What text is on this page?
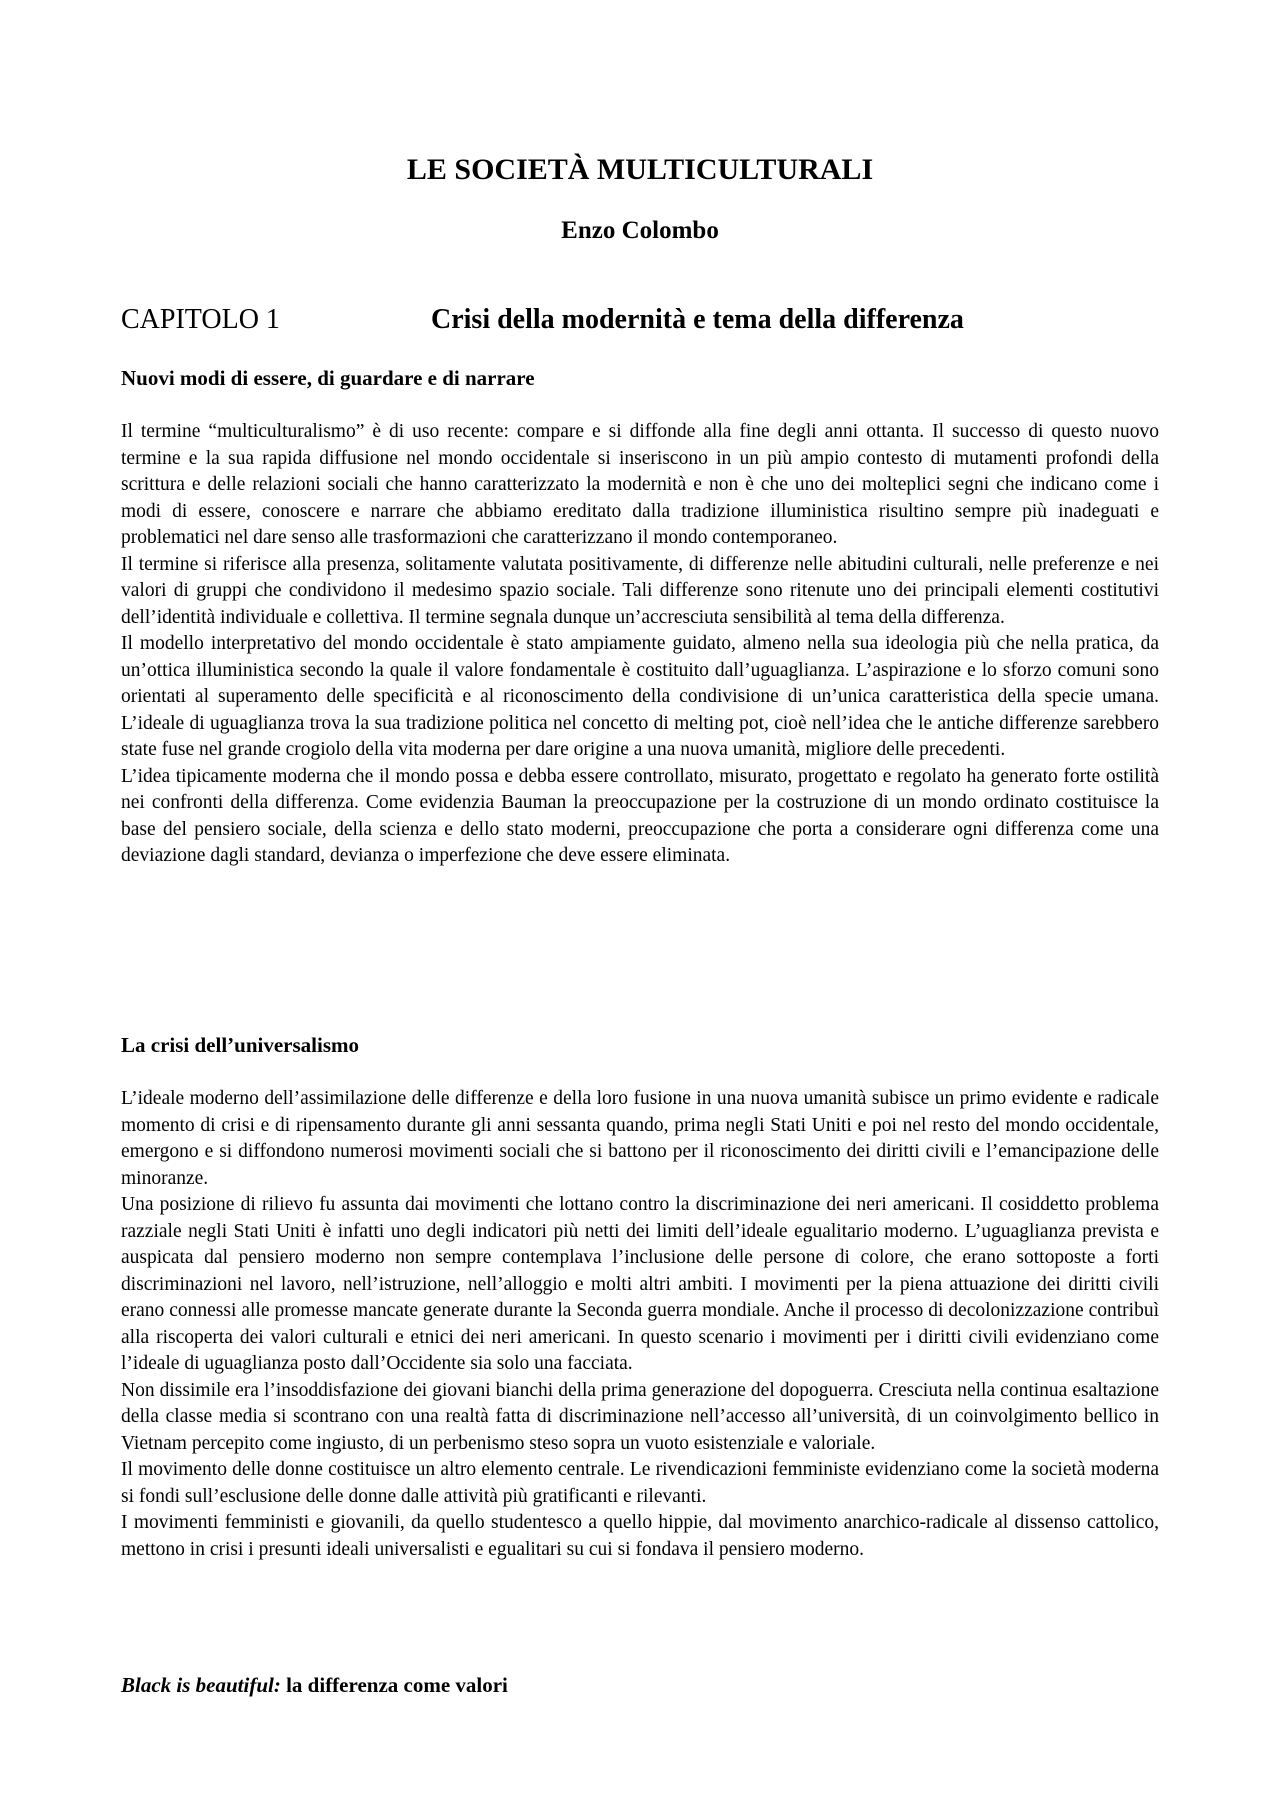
LE SOCIETÀ MULTICULTURALI
Enzo Colombo
CAPITOLO 1	Crisi della modernità e tema della differenza
Nuovi modi di essere, di guardare e di narrare

Il termine “multiculturalismo” è di uso recente: compare e si diffonde alla fine degli anni ottanta. Il successo di questo nuovo termine e la sua rapida diffusione nel mondo occidentale si inseriscono in un più ampio contesto di mutamenti profondi della scrittura e delle relazioni sociali che hanno caratterizzato la modernità e non è che uno dei molteplici segni che indicano come i modi di essere, conoscere e narrare che abbiamo ereditato dalla tradizione illuministica risultino sempre più inadeguati e problematici nel dare senso alle trasformazioni che caratterizzano il mondo contemporaneo.

Il termine si riferisce alla presenza, solitamente valutata positivamente, di differenze nelle abitudini culturali, nelle preferenze e nei valori di gruppi che condividono il medesimo spazio sociale. Tali differenze sono ritenute uno dei principali elementi costitutivi dell’identità individuale e collettiva. Il termine segnala dunque un’accresciuta sensibilità al tema della differenza.

Il modello interpretativo del mondo occidentale è stato ampiamente guidato, almeno nella sua ideologia più che nella pratica, da un’ottica illuministica secondo la quale il valore fondamentale è costituito dall’uguaglianza. L’aspirazione e lo sforzo comuni sono orientati al superamento delle specificità e al riconoscimento della condivisione di un’unica caratteristica della specie umana. L’ideale di uguaglianza trova la sua tradizione politica nel concetto di melting pot, cioè nell’idea che le antiche differenze sarebbero state fuse nel grande crogiolo della vita moderna per dare origine a una nuova umanità, migliore delle precedenti.

L’idea tipicamente moderna che il mondo possa e debba essere controllato, misurato, progettato e regolato ha generato forte ostilità nei confronti della differenza. Come evidenzia Bauman la preoccupazione per la costruzione di un mondo ordinato costituisce la base del pensiero sociale, della scienza e dello stato moderni, preoccupazione che porta a considerare ogni differenza come una deviazione dagli standard, devianza o imperfezione che deve essere eliminata.

La crisi dell’universalismo

L’ideale moderno dell’assimilazione delle differenze e della loro fusione in una nuova umanità subisce un primo evidente e radicale momento di crisi e di ripensamento durante gli anni sessanta quando, prima negli Stati Uniti e poi nel resto del mondo occidentale, emergono e si diffondono numerosi movimenti sociali che si battono per il riconoscimento dei diritti civili e l’emancipazione delle minoranze.

Una posizione di rilievo fu assunta dai movimenti che lottano contro la discriminazione dei neri americani. Il cosiddetto problema razziale negli Stati Uniti è infatti uno degli indicatori più netti dei limiti dell’ideale egualitario moderno. L’uguaglianza prevista e auspicata dal pensiero moderno non sempre contemplava l’inclusione delle persone di colore, che erano sottoposte a forti discriminazioni nel lavoro, nell’istruzione, nell’alloggio e molti altri ambiti. I movimenti per la piena attuazione dei diritti civili erano connessi alle promesse mancate generate durante la Seconda guerra mondiale. Anche il processo di decolonizzazione contribuì alla riscoperta dei valori culturali e etnici dei neri americani. In questo scenario i movimenti per i diritti civili evidenziano come l’ideale di uguaglianza posto dall’Occidente sia solo una facciata.

Non dissimile era l’insoddisfazione dei giovani bianchi della prima generazione del dopoguerra. Cresciuta nella continua esaltazione della classe media si scontrano con una realtà fatta di discriminazione nell’accesso all’università, di un coinvolgimento bellico in Vietnam percepito come ingiusto, di un perbenismo steso sopra un vuoto esistenziale e valoriale.

Il movimento delle donne costituisce un altro elemento centrale. Le rivendicazioni femministe evidenziano come la società moderna si fondi sull’esclusione delle donne dalle attività più gratificanti e rilevanti.

I movimenti femministi e giovanili, da quello studentesco a quello hippie, dal movimento anarchico-radicale al dissenso cattolico, mettono in crisi i presunti ideali universalisti e egualitari su cui si fondava il pensiero moderno.

Black is beautiful: la differenza come valori
